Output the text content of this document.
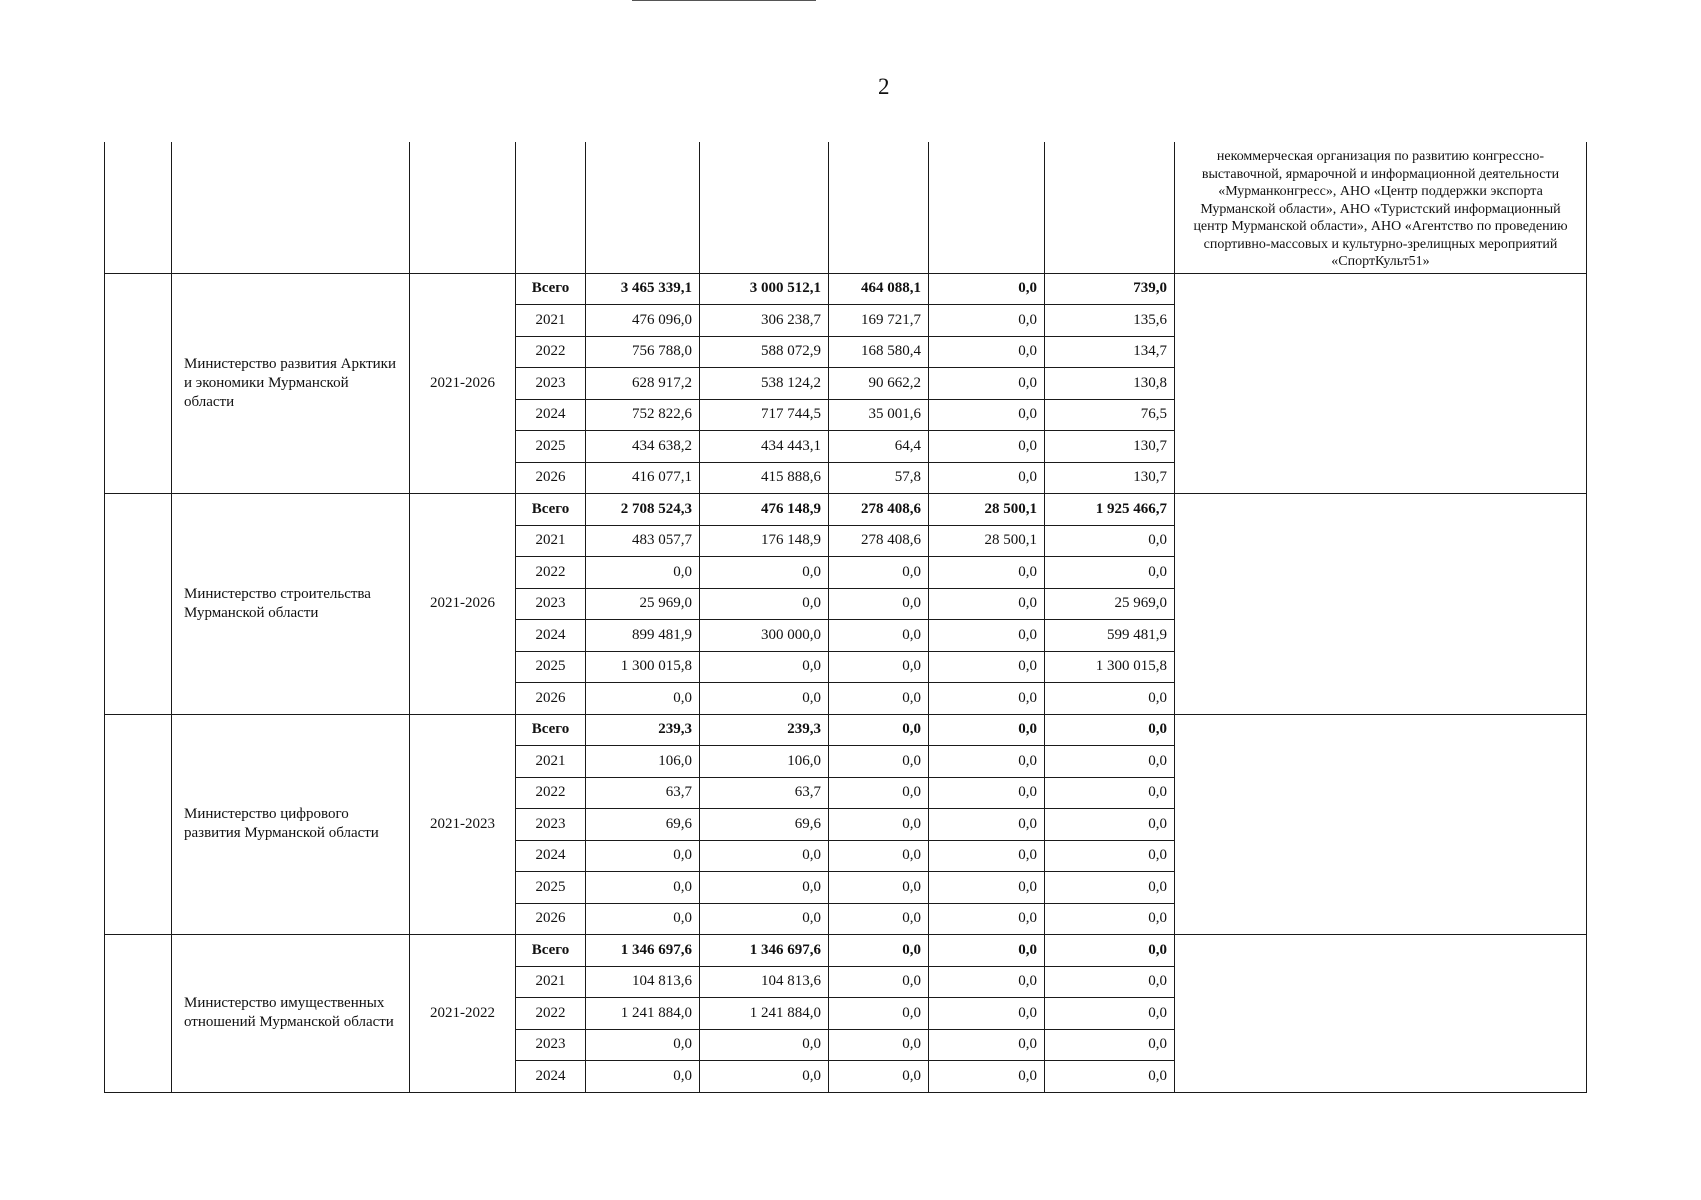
2
									некоммерческая организация по развитию конгрессно-выставочной, ярмарочной и информационной деятельности «Мурманконгресс», АНО «Центр поддержки экспорта Мурманской области», АНО «Туристский информационный центр Мурманской области», АНО «Агентство по проведению спортивно-массовых и культурно-зрелищных мероприятий «СпортКульт51»
	Министерство развития Арктики и экономики Мурманской области	2021-2026	Всего	3 465 339,1	3 000 512,1	464 088,1	0,0	739,0	
			2021	476 096,0	306 238,7	169 721,7	0,0	135,6	
			2022	756 788,0	588 072,9	168 580,4	0,0	134,7	
			2023	628 917,2	538 124,2	90 662,2	0,0	130,8	
			2024	752 822,6	717 744,5	35 001,6	0,0	76,5	
			2025	434 638,2	434 443,1	64,4	0,0	130,7	
			2026	416 077,1	415 888,6	57,8	0,0	130,7	
	Министерство строительства Мурманской области	2021-2026	Всего	2 708 524,3	476 148,9	278 408,6	28 500,1	1 925 466,7	
			2021	483 057,7	176 148,9	278 408,6	28 500,1	0,0	
			2022	0,0	0,0	0,0	0,0	0,0	
			2023	25 969,0	0,0	0,0	0,0	25 969,0	
			2024	899 481,9	300 000,0	0,0	0,0	599 481,9	
			2025	1 300 015,8	0,0	0,0	0,0	1 300 015,8	
			2026	0,0	0,0	0,0	0,0	0,0	
	Министерство цифрового развития Мурманской области	2021-2023	Всего	239,3	239,3	0,0	0,0	0,0	
			2021	106,0	106,0	0,0	0,0	0,0	
			2022	63,7	63,7	0,0	0,0	0,0	
			2023	69,6	69,6	0,0	0,0	0,0	
			2024	0,0	0,0	0,0	0,0	0,0	
			2025	0,0	0,0	0,0	0,0	0,0	
			2026	0,0	0,0	0,0	0,0	0,0	
	Министерство имущественных отношений Мурманской области	2021-2022	Всего	1 346 697,6	1 346 697,6	0,0	0,0	0,0	
			2021	104 813,6	104 813,6	0,0	0,0	0,0	
			2022	1 241 884,0	1 241 884,0	0,0	0,0	0,0	
			2023	0,0	0,0	0,0	0,0	0,0	
			2024	0,0	0,0	0,0	0,0	0,0	
